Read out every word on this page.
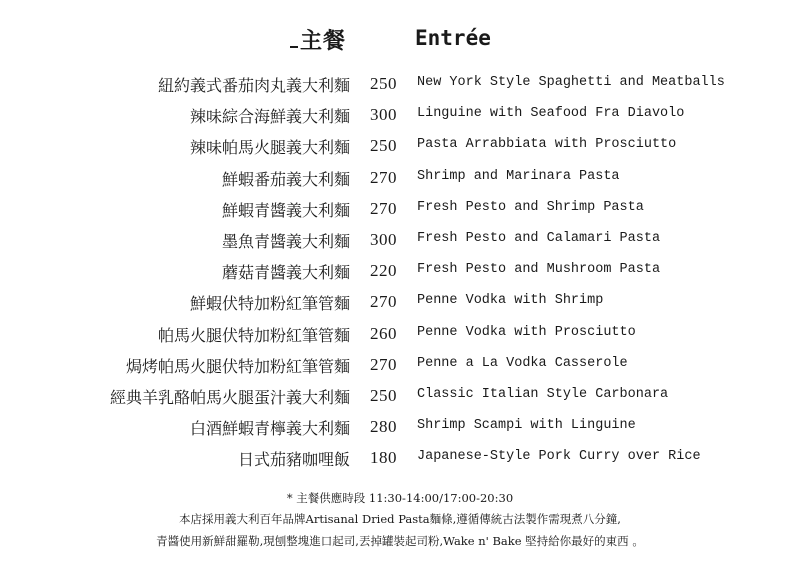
主餐	Entrée
紐約義式番茄肉丸義大利麵 250 New York Style Spaghetti and Meatballs
辣味綜合海鮮義大利麵 300 Linguine with Seafood Fra Diavolo
辣味帕馬火腿義大利麵 250 Pasta Arrabbiata with Prosciutto
鮮蝦番茄義大利麵 270 Shrimp and Marinara Pasta
鮮蝦青醬義大利麵 270 Fresh Pesto and Shrimp Pasta
墨魚青醬義大利麵 300 Fresh Pesto and Calamari Pasta
蘑菇青醬義大利麵 220 Fresh Pesto and Mushroom Pasta
鮮蝦伏特加粉紅筆管麵 270 Penne Vodka with Shrimp
帕馬火腿伏特加粉紅筆管麵 260 Penne Vodka with Prosciutto
焗烤帕馬火腿伏特加粉紅筆管麵 270 Penne a La Vodka Casserole
經典羊乳酪帕馬火腿蛋汁義大利麵 250 Classic Italian Style Carbonara
白酒鮮蝦青檸義大利麵 280 Shrimp Scampi with Linguine
日式茄豬咖哩飯 180 Japanese-Style Pork Curry over Rice
* 主餐供應時段 11:30-14:00/17:00-20:30
本店採用義大利百年品牌Artisanal Dried Pasta麵條,遵循傳統古法製作需現煮八分鐘,
青醬使用新鮮甜羅勒,現刨整塊進口起司,丟掉罐裝起司粉,Wake n' Bake 堅持給你最好的東西 。
